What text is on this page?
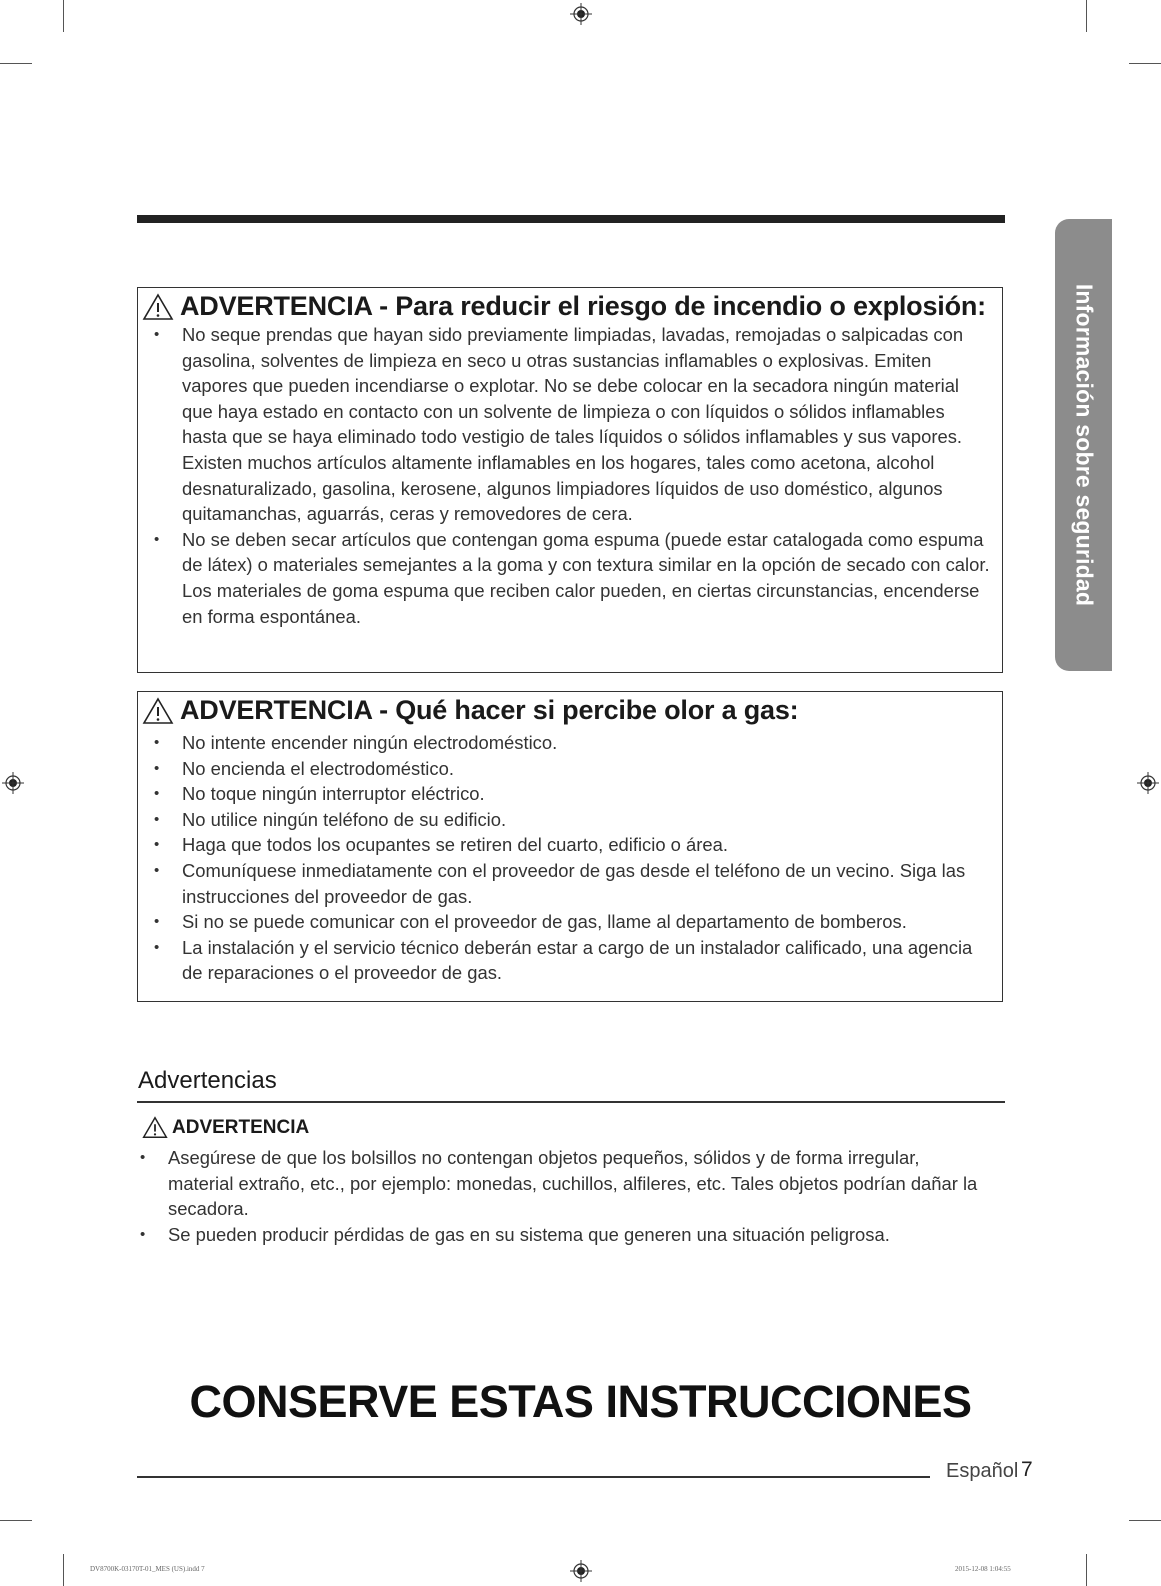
Información sobre seguridad
ADVERTENCIA - Para reducir el riesgo de incendio o explosión:
• No seque prendas que hayan sido previamente limpiadas, lavadas, remojadas o salpicadas con gasolina, solventes de limpieza en seco u otras sustancias inflamables o explosivas. Emiten vapores que pueden incendiarse o explotar. No se debe colocar en la secadora ningún material que haya estado en contacto con un solvente de limpieza o con líquidos o sólidos inflamables hasta que se haya eliminado todo vestigio de tales líquidos o sólidos inflamables y sus vapores.
Existen muchos artículos altamente inflamables en los hogares, tales como acetona, alcohol desnaturalizado, gasolina, kerosene, algunos limpiadores líquidos de uso doméstico, algunos quitamanchas, aguarrás, ceras y removedores de cera.
• No se deben secar artículos que contengan goma espuma (puede estar catalogada como espuma de látex) o materiales semejantes a la goma y con textura similar en la opción de secado con calor. Los materiales de goma espuma que reciben calor pueden, en ciertas circunstancias, encenderse en forma espontánea.
ADVERTENCIA - Qué hacer si percibe olor a gas:
• No intente encender ningún electrodoméstico.
• No encienda el electrodoméstico.
• No toque ningún interruptor eléctrico.
• No utilice ningún teléfono de su edificio.
• Haga que todos los ocupantes se retiren del cuarto, edificio o área.
• Comuníquese inmediatamente con el proveedor de gas desde el teléfono de un vecino. Siga las instrucciones del proveedor de gas.
• Si no se puede comunicar con el proveedor de gas, llame al departamento de bomberos.
• La instalación y el servicio técnico deberán estar a cargo de un instalador calificado, una agencia de reparaciones o el proveedor de gas.
Advertencias
ADVERTENCIA
• Asegúrese de que los bolsillos no contengan objetos pequeños, sólidos y de forma irregular, material extraño, etc., por ejemplo: monedas, cuchillos, alfileres, etc. Tales objetos podrían dañar la secadora.
• Se pueden producir pérdidas de gas en su sistema que generen una situación peligrosa.
CONSERVE ESTAS INSTRUCCIONES
Español 7
DV8700K-03170T-01_MES (US).indd 7	2015-12-08 1:04:55
